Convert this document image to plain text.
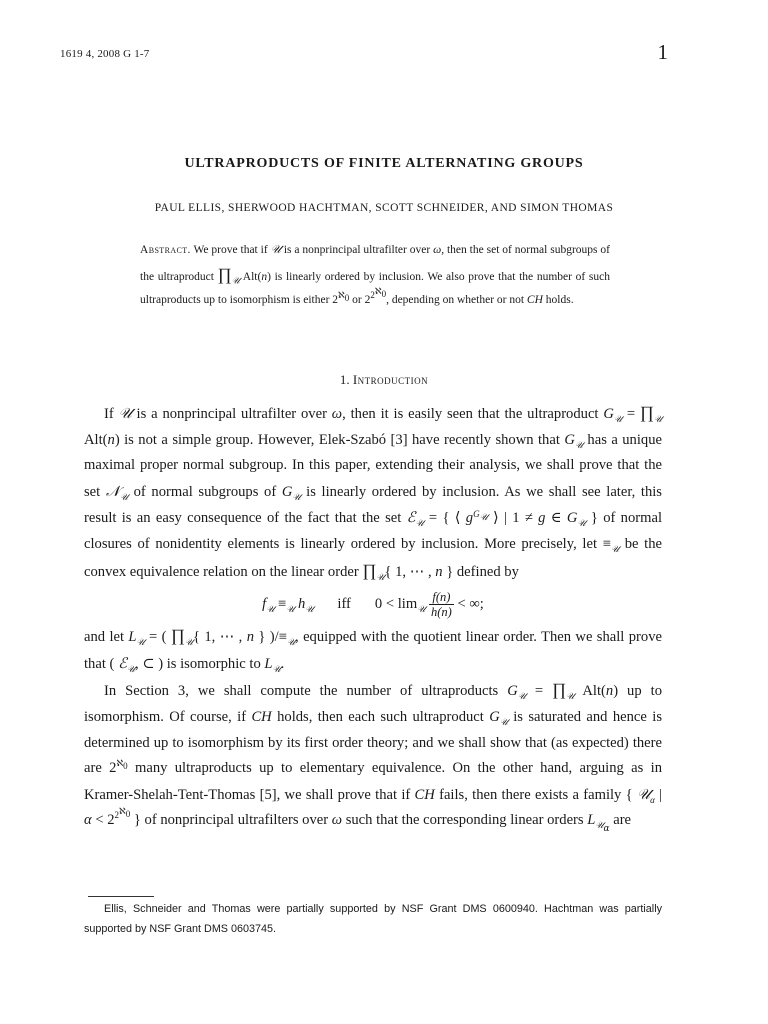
1619 4, 2008 G 1-7	1
ULTRAPRODUCTS OF FINITE ALTERNATING GROUPS
PAUL ELLIS, SHERWOOD HACHTMAN, SCOTT SCHNEIDER, AND SIMON THOMAS
Abstract. We prove that if 𝒰 is a nonprincipal ultrafilter over ω, then the set of normal subgroups of the ultraproduct $\prod_𝒰$ Alt(n) is linearly ordered by inclusion. We also prove that the number of such ultraproducts up to isomorphism is either $2^{ℵ_0}$ or $2^{2^{ℵ_0}}$, depending on whether or not CH holds.
1. Introduction

If 𝒰 is a nonprincipal ultrafilter over ω, then it is easily seen that the ultraproduct $G_𝒰$ = $\prod_𝒰$ Alt(n) is not a simple group. However, Elek-Szabó [3] have recently shown that $G_𝒰$ has a unique maximal proper normal subgroup. In this paper, extending their analysis, we shall prove that the set 𝒩$_𝒰$ of normal subgroups of $G_𝒰$ is linearly ordered by inclusion. As we shall see later, this result is an easy consequence of the fact that the set ℰ$_𝒰$ = { ⟨ $g^{G_𝒰}$ ⟩ | 1 ≠ g ∈ $G_𝒰$ } of normal closures of nonidentity elements is linearly ordered by inclusion. More precisely, let $\equiv_𝒰$ be the convex equivalence relation on the linear order $\prod_𝒰${ 1, ⋯ , n } defined by

$f_𝒰 \equiv_𝒰$ $h_𝒰$ iff $0 < \lim_𝒰 \frac{f(n)}{h(n)}$ < ∞;

and let $L_𝒰$ = ( $\prod_𝒰${ 1, ⋯ , n } )$/\equiv_𝒰$, equipped with the quotient linear order. Then we shall prove that ( ℰ$_𝒰$, ⊂ ) is isomorphic to $L_𝒰$.

In Section 3, we shall compute the number of ultraproducts $G_𝒰$ = $\prod_𝒰$ Alt(n) up to isomorphism. Of course, if CH holds, then each such ultraproduct $G_𝒰$ is saturated and hence is determined up to isomorphism by its first order theory; and we shall show that (as expected) there are $2^{ℵ_0}$ many ultraproducts up to elementary equivalence. On the other hand, arguing as in Kramer-Shelah-Tent-Thomas [5], we shall prove that if CH fails, then there exists a family { 𝒰$_\alpha$ | $\alpha < 2^{2^{ℵ_0}}$ } of nonprincipal ultrafilters over ω such that the corresponding linear orders $L_{𝒰_\alpha}$ are

Ellis, Schneider and Thomas were partially supported by NSF Grant DMS 0600940. Hachtman was partially supported by NSF Grant DMS 0603745.
